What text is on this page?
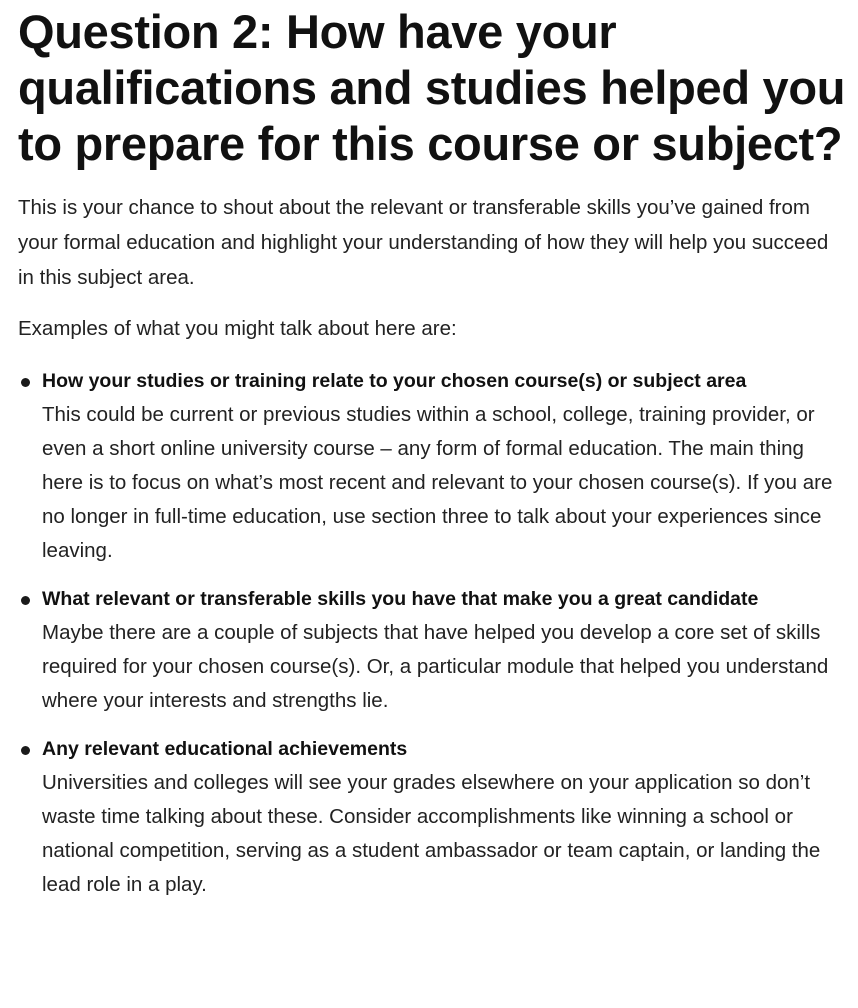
Question 2: How have your qualifications and studies helped you to prepare for this course or subject?

This is your chance to shout about the relevant or transferable skills you’ve gained from your formal education and highlight your understanding of how they will help you succeed in this subject area.

Examples of what you might talk about here are:

How your studies or training relate to your chosen course(s) or subject area
This could be current or previous studies within a school, college, training provider, or even a short online university course – any form of formal education. The main thing here is to focus on what’s most recent and relevant to your chosen course(s). If you are no longer in full-time education, use section three to talk about your experiences since leaving.
What relevant or transferable skills you have that make you a great candidate
Maybe there are a couple of subjects that have helped you develop a core set of skills required for your chosen course(s). Or, a particular module that helped you understand where your interests and strengths lie.
Any relevant educational achievements
Universities and colleges will see your grades elsewhere on your application so don’t waste time talking about these. Consider accomplishments like winning a school or national competition, serving as a student ambassador or team captain, or landing the lead role in a play.
